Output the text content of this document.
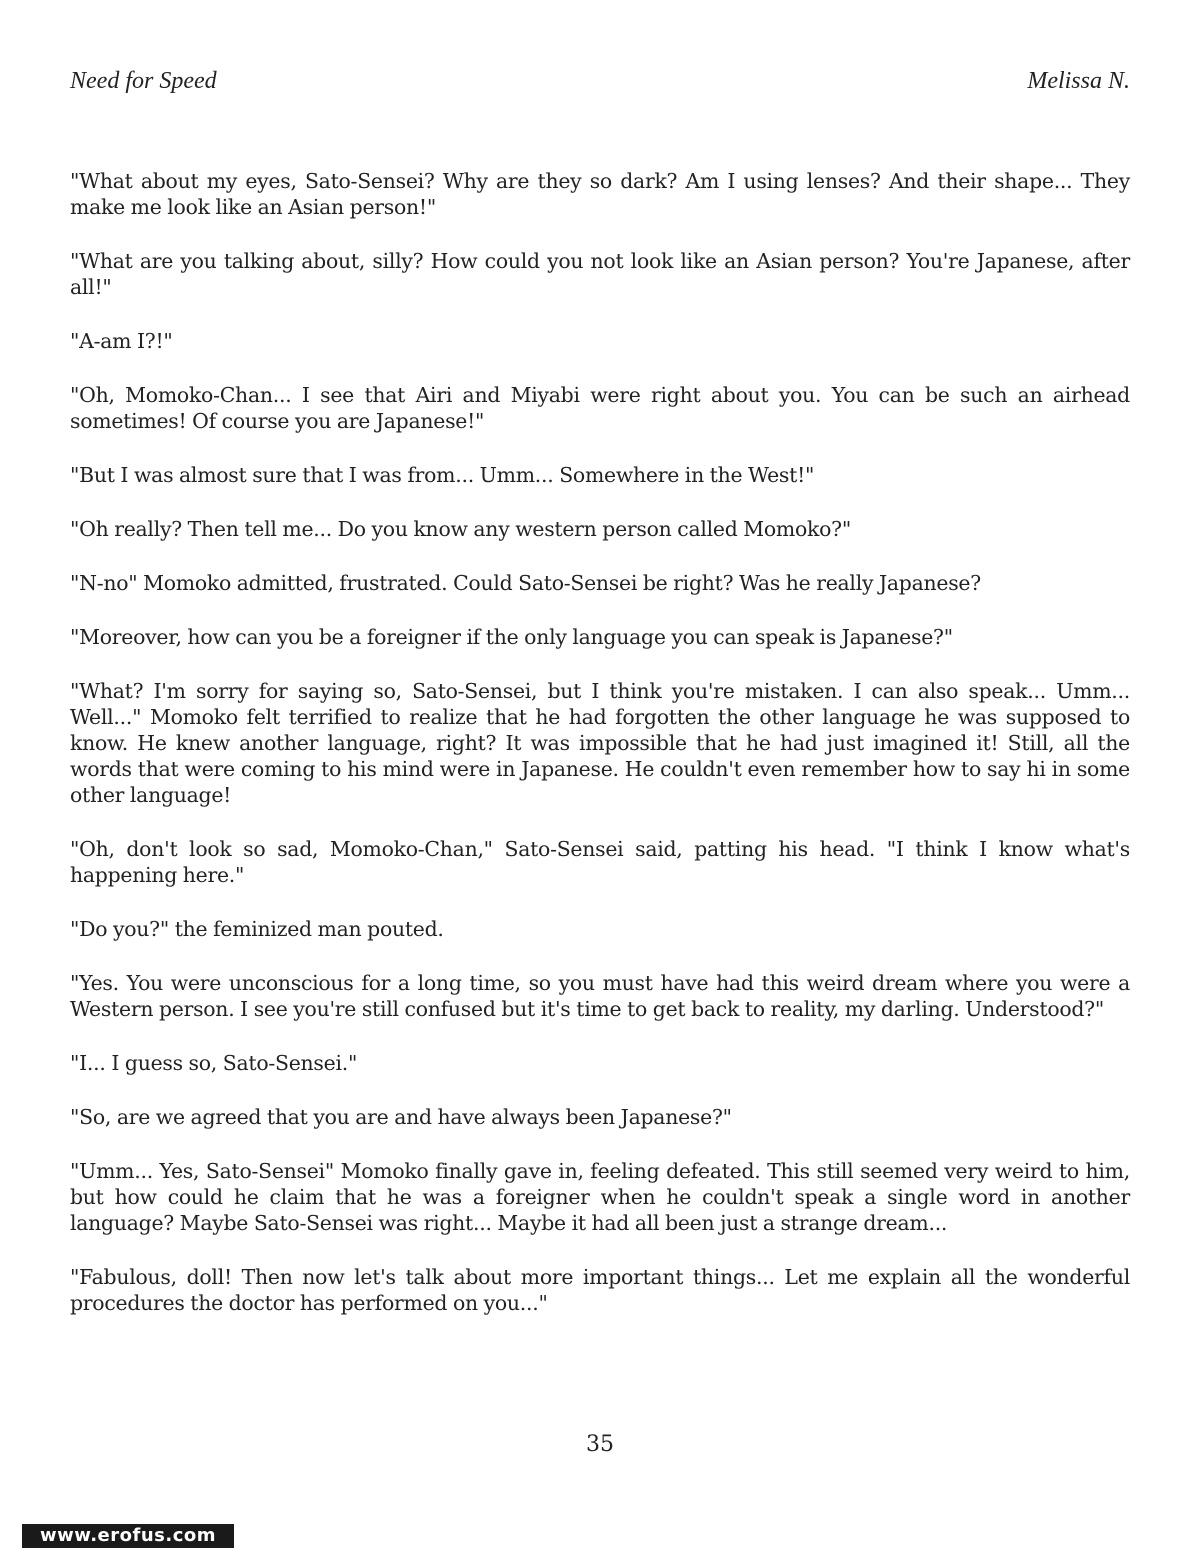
Need for Speed	Melissa N.

"What about my eyes, Sato-Sensei? Why are they so dark? Am I using lenses? And their shape... They make me look like an Asian person!"

"What are you talking about, silly? How could you not look like an Asian person? You're Japanese, after all!"

"A-am I?!"

"Oh, Momoko-Chan... I see that Airi and Miyabi were right about you. You can be such an airhead sometimes! Of course you are Japanese!"

"But I was almost sure that I was from... Umm... Somewhere in the West!"

"Oh really? Then tell me... Do you know any western person called Momoko?"

"N-no" Momoko admitted, frustrated. Could Sato-Sensei be right? Was he really Japanese?

"Moreover, how can you be a foreigner if the only language you can speak is Japanese?"

"What? I'm sorry for saying so, Sato-Sensei, but I think you're mistaken. I can also speak... Umm... Well..." Momoko felt terrified to realize that he had forgotten the other language he was supposed to know. He knew another language, right? It was impossible that he had just imagined it! Still, all the words that were coming to his mind were in Japanese. He couldn't even remember how to say hi in some other language!

"Oh, don't look so sad, Momoko-Chan," Sato-Sensei said, patting his head. "I think I know what's happening here."

"Do you?" the feminized man pouted.

"Yes. You were unconscious for a long time, so you must have had this weird dream where you were a Western person. I see you're still confused but it's time to get back to reality, my darling. Understood?"

"I... I guess so, Sato-Sensei."

"So, are we agreed that you are and have always been Japanese?"

"Umm... Yes, Sato-Sensei" Momoko finally gave in, feeling defeated. This still seemed very weird to him, but how could he claim that he was a foreigner when he couldn't speak a single word in another language? Maybe Sato-Sensei was right... Maybe it had all been just a strange dream...

"Fabulous, doll! Then now let's talk about more important things... Let me explain all the wonderful procedures the doctor has performed on you..."

35
www.erofus.com
